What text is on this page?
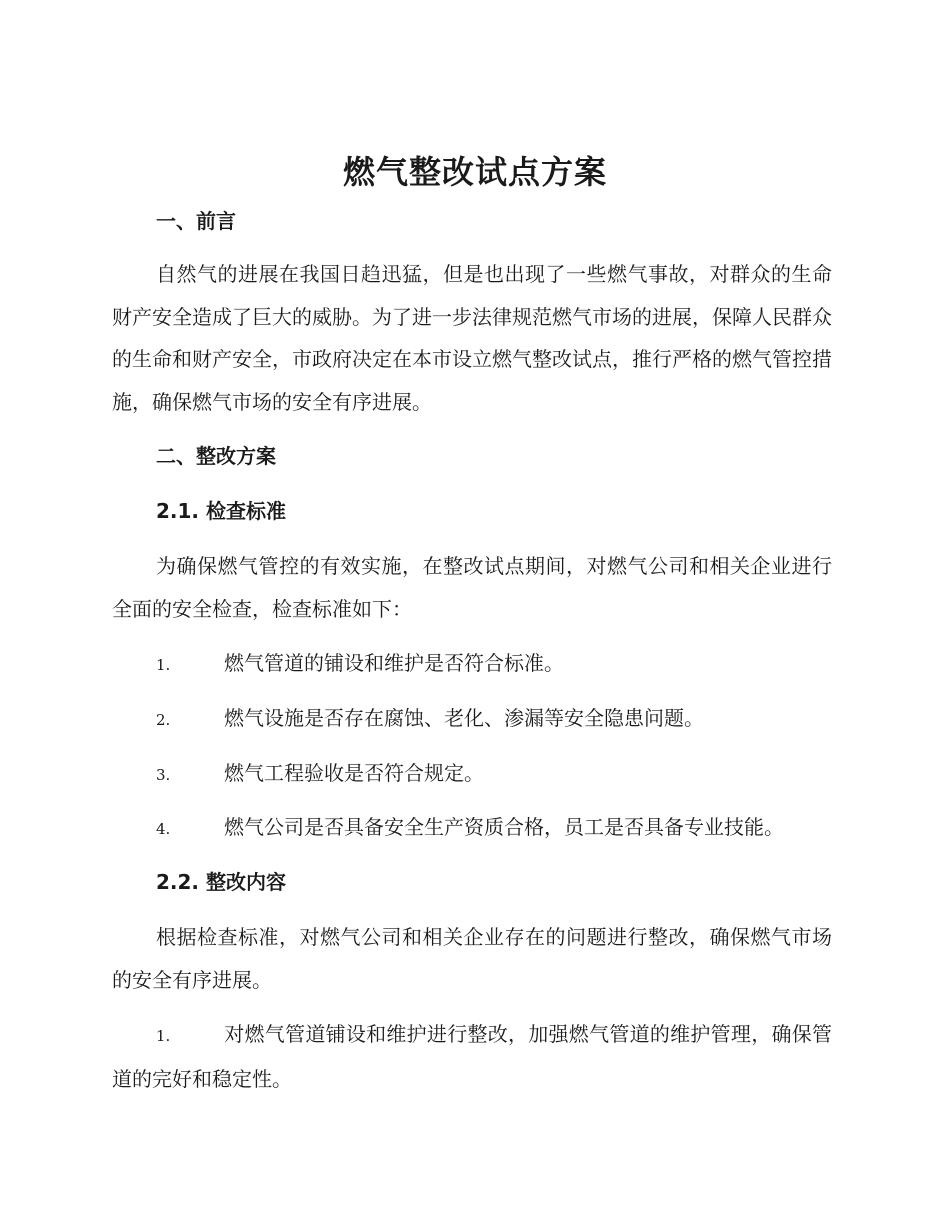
燃气整改试点方案
一、前言
自然气的进展在我国日趋迅猛，但是也出现了一些燃气事故，对群众的生命财产安全造成了巨大的威胁。为了进一步法律规范燃气市场的进展，保障人民群众的生命和财产安全，市政府决定在本市设立燃气整改试点，推行严格的燃气管控措施，确保燃气市场的安全有序进展。
二、整改方案
2.1. 检查标准
为确保燃气管控的有效实施，在整改试点期间，对燃气公司和相关企业进行全面的安全检查，检查标准如下：
1.	燃气管道的铺设和维护是否符合标准。
2.	燃气设施是否存在腐蚀、老化、渗漏等安全隐患问题。
3.	燃气工程验收是否符合规定。
4.	燃气公司是否具备安全生产资质合格，员工是否具备专业技能。
2.2. 整改内容
根据检查标准，对燃气公司和相关企业存在的问题进行整改，确保燃气市场的安全有序进展。
1.	对燃气管道铺设和维护进行整改，加强燃气管道的维护管理，确保管道的完好和稳定性。
